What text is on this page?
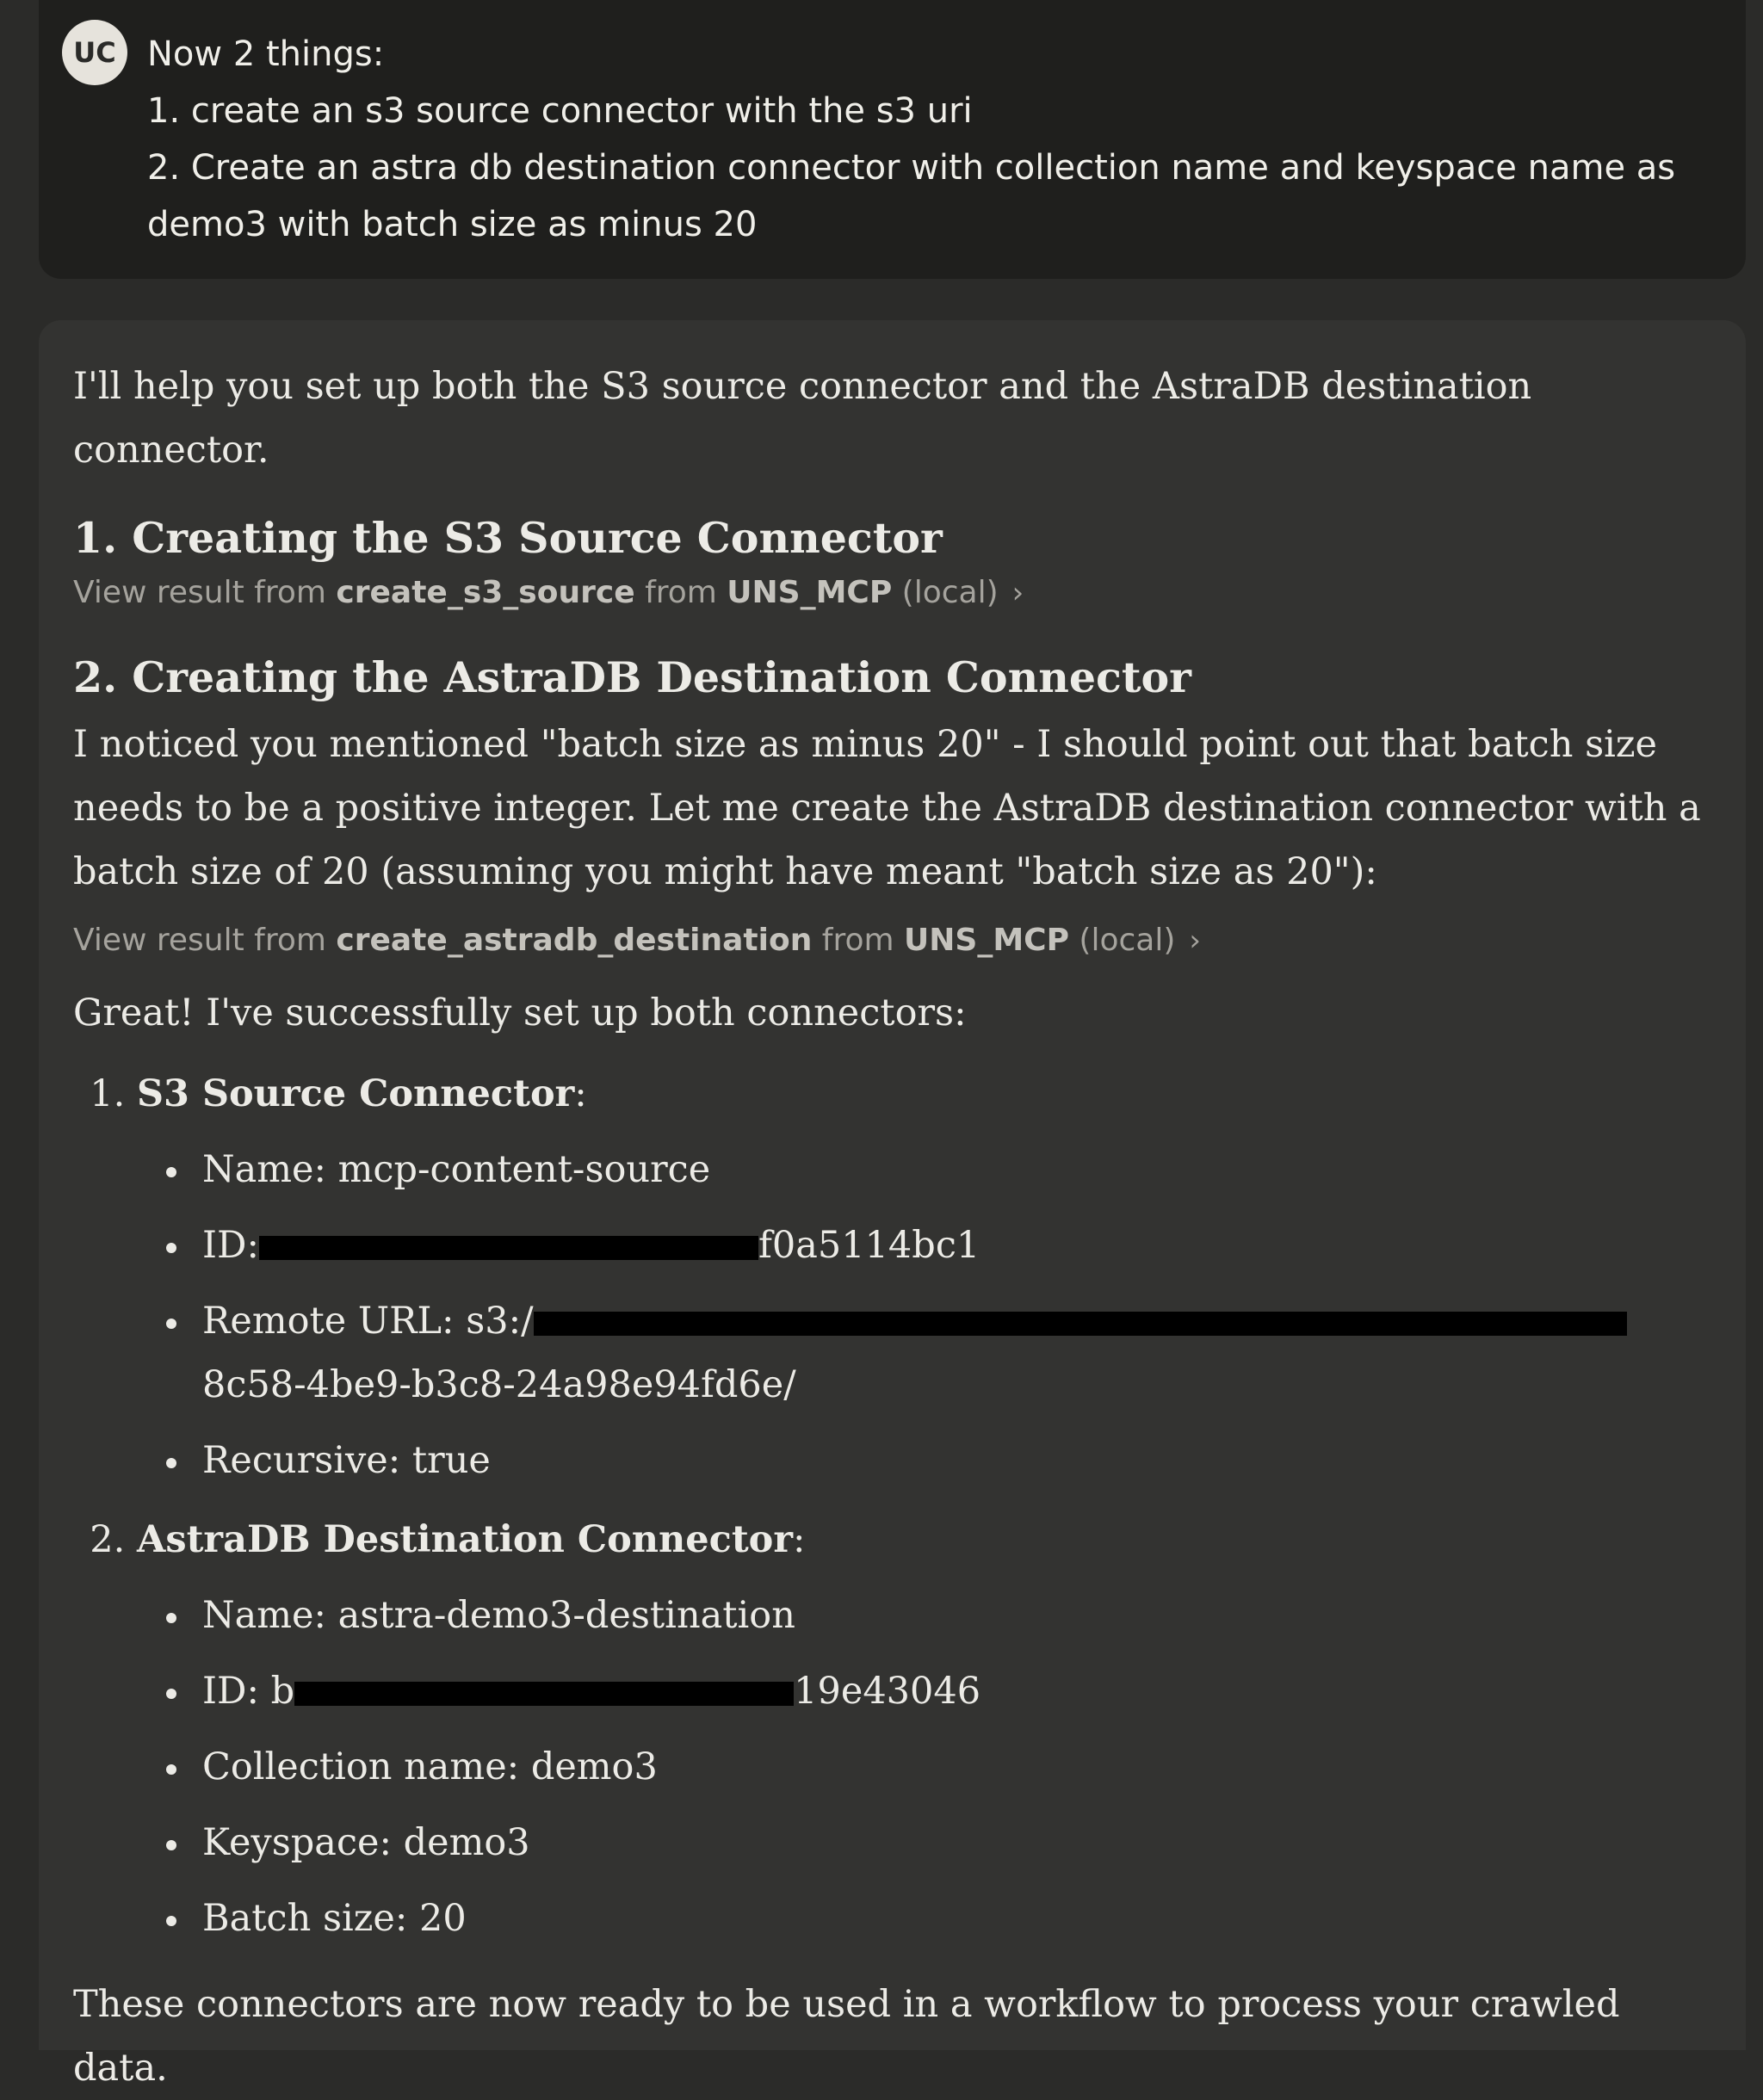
UC Now 2 things:
1. create an s3 source connector with the s3 uri
2. Create an astra db destination connector with collection name and keyspace name as
demo3 with batch size as minus 20

I'll help you set up both the S3 source connector and the AstraDB destination connector.

1. Creating the S3 Source Connector

View result from
create_s3_source
from
UNS_MCP
(local) ›

2. Creating the AstraDB Destination Connector

I noticed you mentioned "batch size as minus 20" - I should point out that batch size needs to be a positive integer. Let me create the AstraDB destination connector with a batch size of 20 (assuming you might have meant "batch size as 20"):

View result from
create_astradb_destination
from
UNS_MCP
(local) ›

Great! I've successfully set up both connectors:

1. S3 Source Connector:
Name: mcp-content-source
ID:	f0a5114bc1
Remote URL: s3:/
8c58-4be9-b3c8-24a98e94fd6e/
Recursive: true
2. AstraDB Destination Connector:
Name: astra-demo3-destination
ID: b	19e43046
Collection name: demo3
Keyspace: demo3
Batch size: 20

These connectors are now ready to be used in a workflow to process your crawled data.
